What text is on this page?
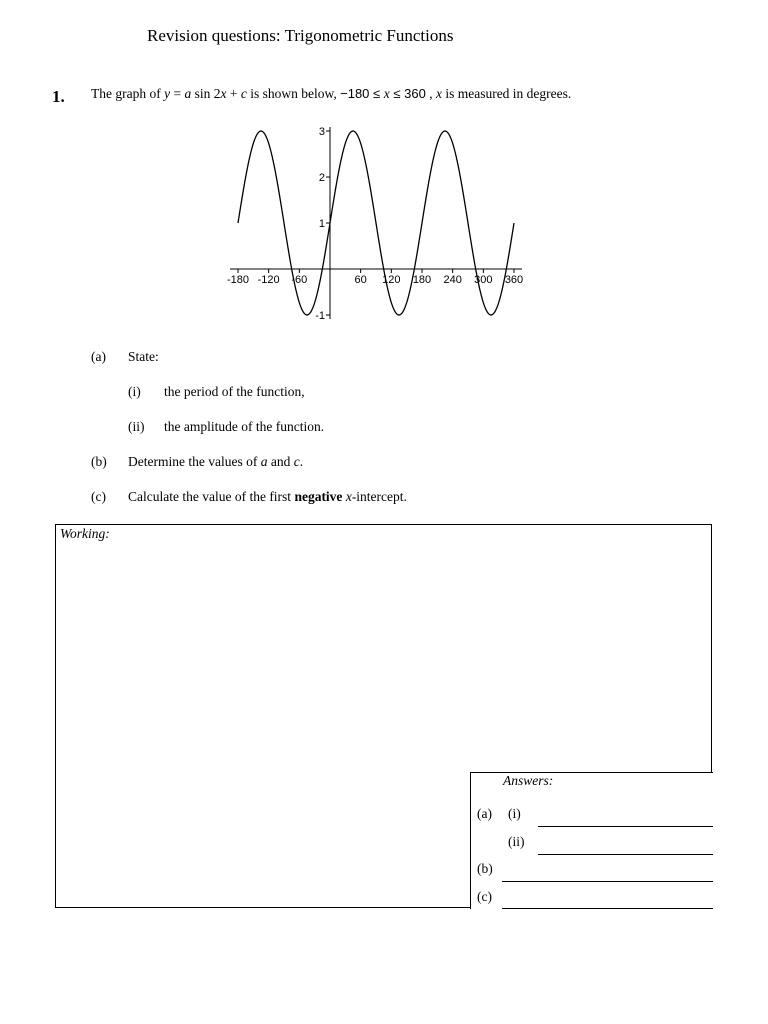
Revision questions: Trigonometric Functions
1. The graph of y = a sin 2x + c is shown below, −180 ≤ x ≤ 360 , x is measured in degrees.
-180 -120 -60	60 120 180 240 300 360
3
2
1
-1
(a) State:
(i) the period of the function,
(ii) the amplitude of the function.
(b) Determine the values of a and c.
(c) Calculate the value of the first negative x-intercept.
Working:
Answers:
(a) (i)
(ii)
(b)
(c)
